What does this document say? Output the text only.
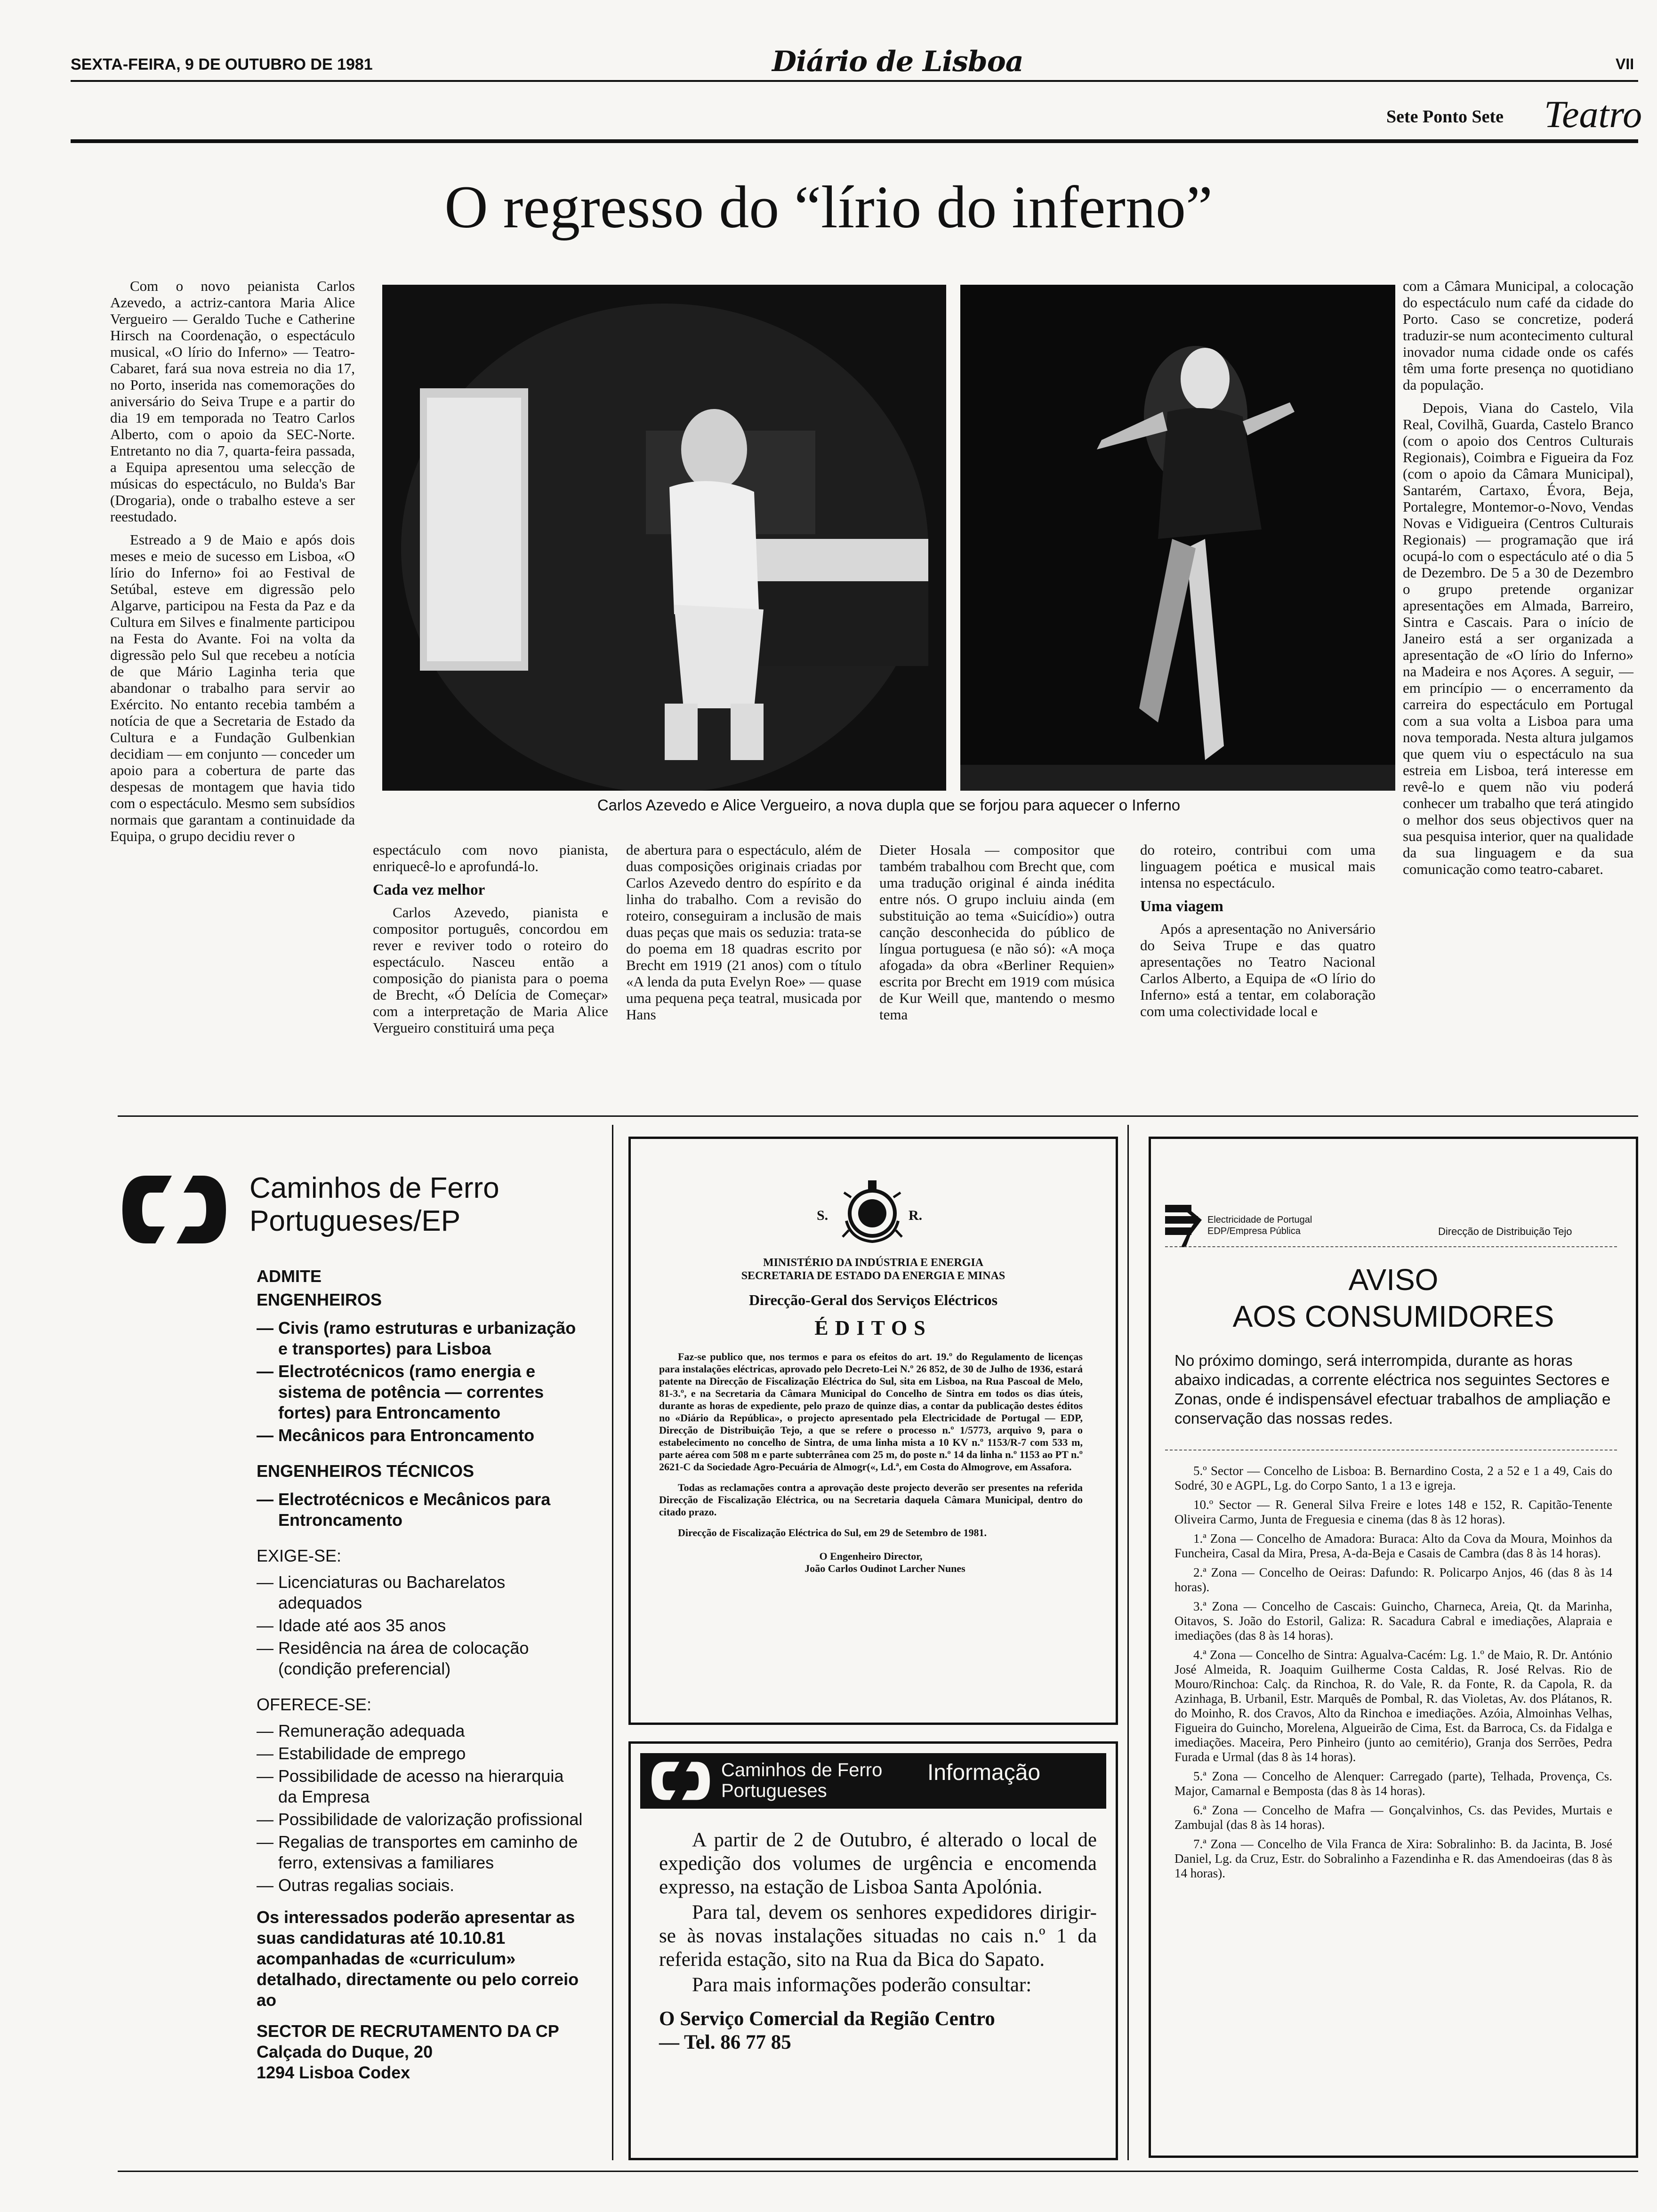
SEXTA-FEIRA, 9 DE OUTUBRO DE 1981	Diário de Lisboa	VII
Sete Ponto Sete Teatro
O regresso do “lírio do inferno”

Com o novo peianista Carlos Azevedo, a actriz-cantora Maria Alice Vergueiro — Geraldo Tuche e Catherine Hirsch na Coordenação, o espectáculo musical, «O lírio do Inferno» — Teatro-Cabaret, fará sua nova estreia no dia 17, no Porto, inserida nas comemorações do aniversário do Seiva Trupe e a partir do dia 19 em temporada no Teatro Carlos Alberto, com o apoio da SEC-Norte. Entretanto no dia 7, quarta-feira passada, a Equipa apresentou uma selecção de músicas do espectáculo, no Bulda's Bar (Drogaria), onde o trabalho esteve a ser reestudado.

Estreado a 9 de Maio e após dois meses e meio de sucesso em Lisboa, «O lírio do Inferno» foi ao Festival de Setúbal, esteve em digressão pelo Algarve, participou na Festa da Paz e da Cultura em Silves e finalmente participou na Festa do Avante. Foi na volta da digressão pelo Sul que recebeu a notícia de que Mário Laginha teria que abandonar o trabalho para servir ao Exército. No entanto recebia também a notícia de que a Secretaria de Estado da Cultura e a Fundação Gulbenkian decidiam — em conjunto — conceder um apoio para a cobertura de parte das despesas de montagem que havia tido com o espectáculo. Mesmo sem subsídios normais que garantam a continuidade da Equipa, o grupo decidiu rever o

Carlos Azevedo e Alice Vergueiro, a nova dupla que se forjou para aquecer o Inferno

espectáculo com novo pianista, enriquecê-lo e aprofundá-lo.

Cada vez melhor

Carlos Azevedo, pianista e compositor português, concordou em rever e reviver todo o roteiro do espectáculo. Nasceu então a composição do pianista para o poema de Brecht, «Ó Delícia de Começar» com a interpretação de Maria Alice Vergueiro constituirá uma peça

de abertura para o espectáculo, além de duas composições originais criadas por Carlos Azevedo dentro do espírito e da linha do trabalho. Com a revisão do roteiro, conseguiram a inclusão de mais duas peças que mais os seduzia: trata-se do poema em 18 quadras escrito por Brecht em 1919 (21 anos) com o título «A lenda da puta Evelyn Roe» — quase uma pequena peça teatral, musicada por Hans

Dieter Hosala — compositor que também trabalhou com Brecht que, com uma tradução original é ainda inédita entre nós. O grupo incluiu ainda (em substituição ao tema «Suicídio») outra canção desconhecida do público de língua portuguesa (e não só): «A moça afogada» da obra «Berliner Requien» escrita por Brecht em 1919 com música de Kur Weill que, mantendo o mesmo tema

do roteiro, contribui com uma linguagem poética e musical mais intensa no espectáculo.

Uma viagem

Após a apresentação no Aniversário do Seiva Trupe e das quatro apresentações no Teatro Nacional Carlos Alberto, a Equipa de «O lírio do Inferno» está a tentar, em colaboração com uma colectividade local e

com a Câmara Municipal, a colocação do espectáculo num café da cidade do Porto. Caso se concretize, poderá traduzir-se num acontecimento cultural inovador numa cidade onde os cafés têm uma forte presença no quotidiano da população.

Depois, Viana do Castelo, Vila Real, Covilhã, Guarda, Castelo Branco (com o apoio dos Centros Culturais Regionais), Coimbra e Figueira da Foz (com o apoio da Câmara Municipal), Santarém, Cartaxo, Évora, Beja, Portalegre, Montemor-o-Novo, Vendas Novas e Vidigueira (Centros Culturais Regionais) — programação que irá ocupá-lo com o espectáculo até o dia 5 de Dezembro. De 5 a 30 de Dezembro o grupo pretende organizar apresentações em Almada, Barreiro, Sintra e Cascais. Para o início de Janeiro está a ser organizada a apresentação de «O lírio do Inferno» na Madeira e nos Açores. A seguir, — em princípio — o encerramento da carreira do espectáculo em Portugal com a sua volta a Lisboa para uma nova temporada. Nesta altura julgamos que quem viu o espectáculo na sua estreia em Lisboa, terá interesse em revê-lo e quem não viu poderá conhecer um trabalho que terá atingido o melhor dos seus objectivos quer na sua pesquisa interior, quer na qualidade da sua linguagem e da sua comunicação como teatro-cabaret.

Caminhos de Ferro
Portugueses/EP
ADMITE
ENGENHEIROS
— Civis (ramo estruturas e urbanização e transportes) para Lisboa
— Electrotécnicos (ramo energia e sistema de potência — correntes fortes) para Entroncamento
— Mecânicos para Entroncamento
ENGENHEIROS TÉCNICOS
— Electrotécnicos e Mecânicos para Entroncamento
EXIGE-SE:
— Licenciaturas ou Bacharelatos adequados
— Idade até aos 35 anos
— Residência na área de colocação (condição preferencial)
OFERECE-SE:
— Remuneração adequada
— Estabilidade de emprego
— Possibilidade de acesso na hierarquia da Empresa
— Possibilidade de valorização profissional
— Regalias de transportes em caminho de ferro, extensivas a familiares
— Outras regalias sociais.
Os interessados poderão apresentar as suas candidaturas até 10.10.81 acompanhadas de «curriculum» detalhado, directamente ou pelo correio ao
SECTOR DE RECRUTAMENTO DA CP
Calçada do Duque, 20
1294 Lisboa Codex
S.	R.
MINISTÉRIO DA INDÚSTRIA E ENERGIA
SECRETARIA DE ESTADO DA ENERGIA E MINAS
Direcção-Geral dos Serviços Eléctricos
ÉDITOS

Faz-se publico que, nos termos e para os efeitos do art. 19.º do Regulamento de licenças para instalações eléctricas, aprovado pelo Decreto-Lei N.º 26 852, de 30 de Julho de 1936, estará patente na Direcção de Fiscalização Eléctrica do Sul, sita em Lisboa, na Rua Pascoal de Melo, 81-3.º, e na Secretaria da Câmara Municipal do Concelho de Sintra em todos os dias úteis, durante as horas de expediente, pelo prazo de quinze dias, a contar da publicação destes éditos no «Diário da República», o projecto apresentado pela Electricidade de Portugal — EDP, Direcção de Distribuição Tejo, a que se refere o processo n.º 1/5773, arquivo 9, para o estabelecimento no concelho de Sintra, de uma linha mista a 10 KV n.º 1153/R-7 com 533 m, parte aérea com 508 m e parte subterrânea com 25 m, do poste n.º 14 da linha n.º 1153 ao PT n.º 2621-C da Sociedade Agro-Pecuária de Almogr(«, Ld.ª, em Costa do Almogrove, em Assafora.

Todas as reclamações contra a aprovação deste projecto deverão ser presentes na referida Direcção de Fiscalização Eléctrica, ou na Secretaria daquela Câmara Municipal, dentro do citado prazo.

Direcção de Fiscalização Eléctrica do Sul, em 29 de Setembro de 1981.

O Engenheiro Director,
João Carlos Oudinot Larcher Nunes
Caminhos de Ferro
Portugueses
Informação

A partir de 2 de Outubro, é alterado o local de expedição dos volumes de urgência e encomenda expresso, na estação de Lisboa Santa Apolónia.

Para tal, devem os senhores expedidores dirigir-se às novas instalações situadas no cais n.º 1 da referida estação, sito na Rua da Bica do Sapato.

Para mais informações poderão consultar:

O Serviço Comercial da Região Centro
— Tel. 86 77 85
Electricidade de Portugal
EDP/Empresa Pública	Direcção de Distribuição Tejo
AVISO
AOS CONSUMIDORES
No próximo domingo, será interrompida, durante as horas abaixo indicadas, a corrente eléctrica nos seguintes Sectores e Zonas, onde é indispensável efectuar trabalhos de ampliação e conservação das nossas redes.

5.º Sector — Concelho de Lisboa: B. Bernardino Costa, 2 a 52 e 1 a 49, Cais do Sodré, 30 e AGPL, Lg. do Corpo Santo, 1 a 13 e igreja.

10.º Sector — R. General Silva Freire e lotes 148 e 152, R. Capitão-Tenente Oliveira Carmo, Junta de Freguesia e cinema (das 8 às 12 horas).

1.ª Zona — Concelho de Amadora: Buraca: Alto da Cova da Moura, Moinhos da Funcheira, Casal da Mira, Presa, A-da-Beja e Casais de Cambra (das 8 às 14 horas).

2.ª Zona — Concelho de Oeiras: Dafundo: R. Policarpo Anjos, 46 (das 8 às 14 horas).

3.ª Zona — Concelho de Cascais: Guincho, Charneca, Areia, Qt. da Marinha, Oitavos, S. João do Estoril, Galiza: R. Sacadura Cabral e imediações, Alapraia e imediações (das 8 às 14 horas).

4.ª Zona — Concelho de Sintra: Agualva-Cacém: Lg. 1.º de Maio, R. Dr. António José Almeida, R. Joaquim Guilherme Costa Caldas, R. José Relvas. Rio de Mouro/Rinchoa: Calç. da Rinchoa, R. do Vale, R. da Fonte, R. da Capola, R. da Azinhaga, B. Urbanil, Estr. Marquês de Pombal, R. das Violetas, Av. dos Plátanos, R. do Moinho, R. dos Cravos, Alto da Rinchoa e imediações. Azóia, Almoinhas Velhas, Figueira do Guincho, Morelena, Algueirão de Cima, Est. da Barroca, Cs. da Fidalga e imediações. Maceira, Pero Pinheiro (junto ao cemitério), Granja dos Serrões, Pedra Furada e Urmal (das 8 às 14 horas).

5.ª Zona — Concelho de Alenquer: Carregado (parte), Telhada, Provença, Cs. Major, Camarnal e Bemposta (das 8 às 14 horas).

6.ª Zona — Concelho de Mafra — Gonçalvinhos, Cs. das Pevides, Murtais e Zambujal (das 8 às 14 horas).

7.ª Zona — Concelho de Vila Franca de Xira: Sobralinho: B. da Jacinta, B. José Daniel, Lg. da Cruz, Estr. do Sobralinho a Fazendinha e R. das Amendoeiras (das 8 às 14 horas).
